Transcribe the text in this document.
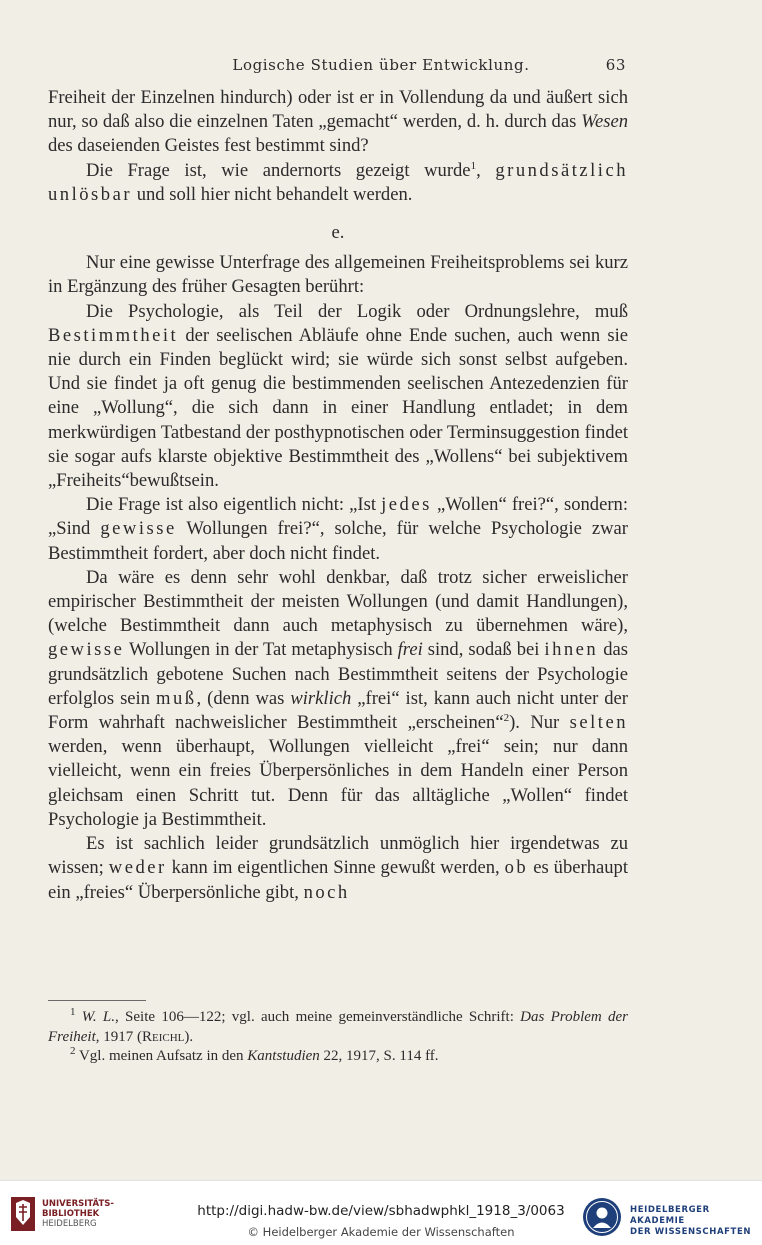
Logische Studien über Entwicklung.	63

Freiheit der Einzelnen hindurch) oder ist er in Vollendung da und äußert sich nur, so daß also die einzelnen Taten „gemacht“ werden, d. h. durch das Wesen des daseienden Geistes fest bestimmt sind?

Die Frage ist, wie andernorts gezeigt wurde$^1$, grundsätzlich unlösbar und soll hier nicht behandelt werden.

e.

Nur eine gewisse Unterfrage des allgemeinen Freiheitsproblems sei kurz in Ergänzung des früher Gesagten berührt:

Die Psychologie, als Teil der Logik oder Ordnungslehre, muß Bestimmtheit der seelischen Abläufe ohne Ende suchen, auch wenn sie nie durch ein Finden beglückt wird; sie würde sich sonst selbst aufgeben. Und sie findet ja oft genug die bestimmenden seelischen Antezedenzien für eine „Wollung“, die sich dann in einer Handlung entladet; in dem merkwürdigen Tatbestand der posthypnotischen oder Terminsuggestion findet sie sogar aufs klarste objektive Bestimmtheit des „Wollens“ bei subjektivem „Freiheits“bewußtsein.

Die Frage ist also eigentlich nicht: „Ist jedes „Wollen“ frei?“, sondern: „Sind gewisse Wollungen frei?“, solche, für welche Psychologie zwar Bestimmtheit fordert, aber doch nicht findet.

Da wäre es denn sehr wohl denkbar, daß trotz sicher erweislicher empirischer Bestimmtheit der meisten Wollungen (und damit Handlungen), (welche Bestimmtheit dann auch metaphysisch zu übernehmen wäre), gewisse Wollungen in der Tat metaphysisch frei sind, sodaß bei ihnen das grundsätzlich gebotene Suchen nach Bestimmtheit seitens der Psychologie erfolglos sein muß, (denn was wirklich „frei“ ist, kann auch nicht unter der Form wahrhaft nachweislicher Bestimmtheit „erscheinen“$^2$). Nur selten werden, wenn überhaupt, Wollungen vielleicht „frei“ sein; nur dann vielleicht, wenn ein freies Überpersönliches in dem Handeln einer Person gleichsam einen Schritt tut. Denn für das alltägliche „Wollen“ findet Psychologie ja Bestimmtheit.

Es ist sachlich leider grundsätzlich unmöglich hier irgendetwas zu wissen; weder kann im eigentlichen Sinne gewußt werden, ob es überhaupt ein „freies“ Überpersönliche gibt, noch

$^1$ W. L., Seite 106—122; vgl. auch meine gemeinverständliche Schrift: Das Problem der Freiheit, 1917 (Reichl).

$^2$ Vgl. meinen Aufsatz in den Kantstudien 22, 1917, S. 114 ff.

UNIVERSITÄTS-
BIBLIOTHEK
HEIDELBERG
http://digi.hadw-bw.de/view/sbhadwphkl_1918_3/0063
© Heidelberger Akademie der Wissenschaften
HEIDELBERGER AKADEMIE
DER WISSENSCHAFTEN
